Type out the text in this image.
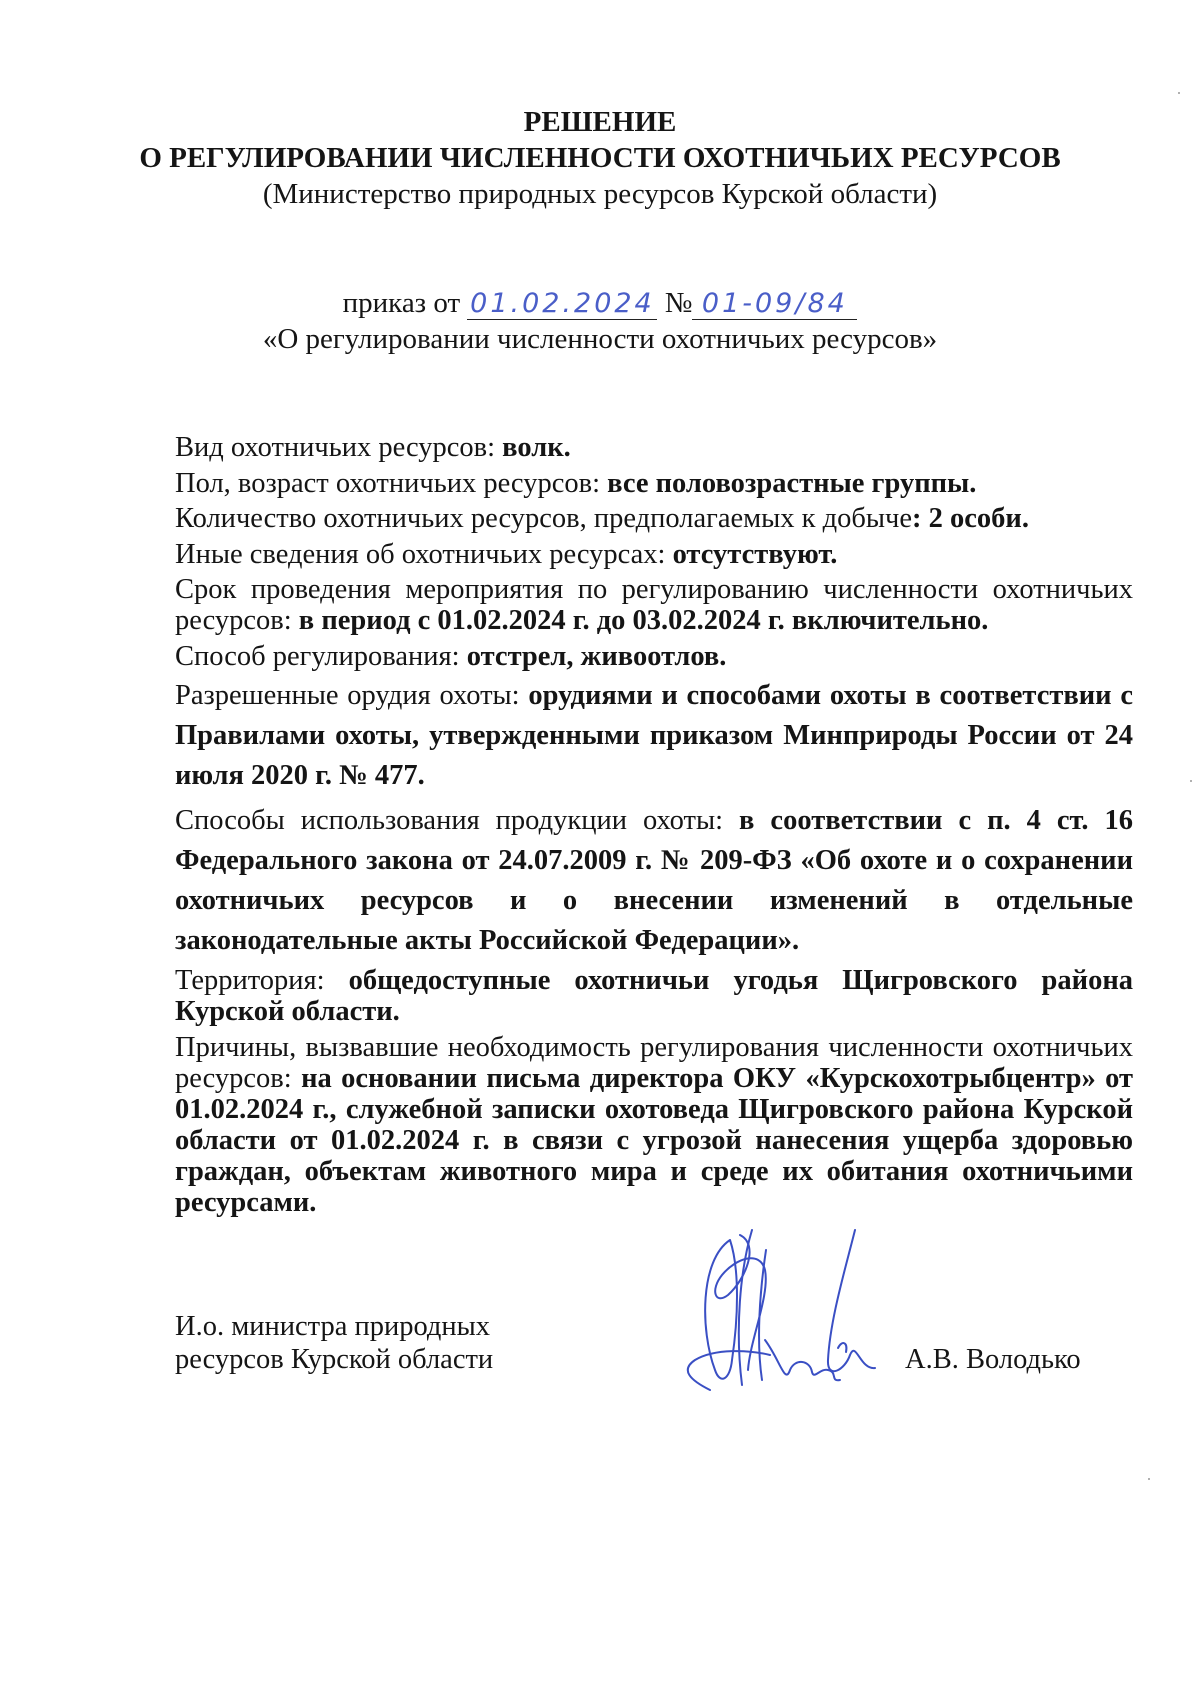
РЕШЕНИЕ
О РЕГУЛИРОВАНИИ ЧИСЛЕННОСТИ ОХОТНИЧЬИХ РЕСУРСОВ
(Министерство природных ресурсов Курской области)
приказ от 01.02.2024 № 01-09/84
«О регулировании численности охотничьих ресурсов»

Вид охотничьих ресурсов: волк.

Пол, возраст охотничьих ресурсов: все половозрастные группы.

Количество охотничьих ресурсов, предполагаемых к добыче: 2 особи.

Иные сведения об охотничьих ресурсах: отсутствуют.

Срок проведения мероприятия по регулированию численности охотничьих ресурсов: в период с 01.02.2024 г. до 03.02.2024 г. включительно.

Способ регулирования: отстрел, живоотлов.

Разрешенные орудия охоты: орудиями и способами охоты в соответствии с Правилами охоты, утвержденными приказом Минприроды России от 24 июля 2020 г. № 477.

Способы использования продукции охоты: в соответствии с п. 4 ст. 16 Федерального закона от 24.07.2009 г. № 209-ФЗ «Об охоте и о сохранении охотничьих ресурсов и о внесении изменений в отдельные законодательные акты Российской Федерации».

Территория: общедоступные охотничьи угодья Щигровского района Курской области.

Причины, вызвавшие необходимость регулирования численности охотничьих ресурсов: на основании письма директора ОКУ «Курскохотрыбцентр» от 01.02.2024 г., служебной записки охотоведа Щигровского района Курской области от 01.02.2024 г. в связи с угрозой нанесения ущерба здоровью граждан, объектам животного мира и среде их обитания охотничьими ресурсами.

И.о. министра природных
ресурсов Курской области	А.В. Володько
